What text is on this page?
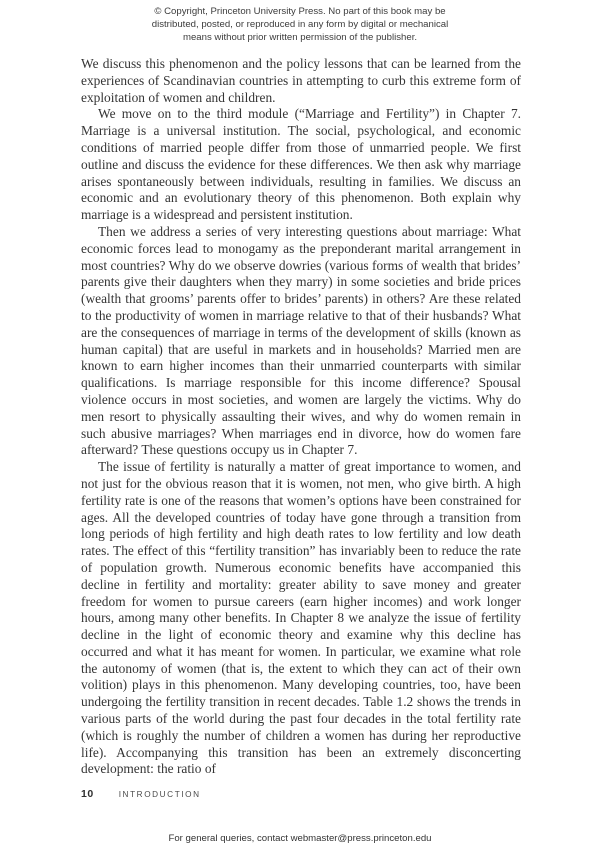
© Copyright, Princeton University Press. No part of this book may be
distributed, posted, or reproduced in any form by digital or mechanical
means without prior written permission of the publisher.

We discuss this phenomenon and the policy lessons that can be learned from the experiences of Scandinavian countries in attempting to curb this extreme form of exploitation of women and children.

We move on to the third module (“Marriage and Fertility”) in Chapter 7. Marriage is a universal institution. The social, psychological, and economic conditions of married people differ from those of unmarried people. We first outline and discuss the evidence for these differences. We then ask why marriage arises spontaneously between individuals, resulting in families. We discuss an economic and an evolutionary theory of this phenomenon. Both explain why marriage is a widespread and persistent institution.

Then we address a series of very interesting questions about marriage: What economic forces lead to monogamy as the preponderant marital arrangement in most countries? Why do we observe dowries (various forms of wealth that brides’ parents give their daughters when they marry) in some societies and bride prices (wealth that grooms’ parents offer to brides’ parents) in others? Are these related to the productivity of women in marriage relative to that of their husbands? What are the consequences of marriage in terms of the development of skills (known as human capital) that are useful in markets and in households? Married men are known to earn higher incomes than their unmarried counterparts with similar qualifications. Is marriage responsible for this income difference? Spousal violence occurs in most societies, and women are largely the victims. Why do men resort to physically assaulting their wives, and why do women remain in such abusive marriages? When marriages end in divorce, how do women fare afterward? These questions occupy us in Chapter 7.

The issue of fertility is naturally a matter of great importance to women, and not just for the obvious reason that it is women, not men, who give birth. A high fertility rate is one of the reasons that women’s options have been constrained for ages. All the developed countries of today have gone through a transition from long periods of high fertility and high death rates to low fertility and low death rates. The effect of this “fertility transition” has invariably been to reduce the rate of population growth. Numerous economic benefits have accompanied this decline in fertility and mortality: greater ability to save money and greater freedom for women to pursue careers (earn higher incomes) and work longer hours, among many other benefits. In Chapter 8 we analyze the issue of fertility decline in the light of economic theory and examine why this decline has occurred and what it has meant for women. In particular, we examine what role the autonomy of women (that is, the extent to which they can act of their own volition) plays in this phenomenon. Many developing countries, too, have been undergoing the fertility transition in recent decades. Table 1.2 shows the trends in various parts of the world during the past four decades in the total fertility rate (which is roughly the number of children a women has during her reproductive life). Accompanying this transition has been an extremely disconcerting development: the ratio of

10	INTRODUCTION
For general queries, contact webmaster@press.princeton.edu
